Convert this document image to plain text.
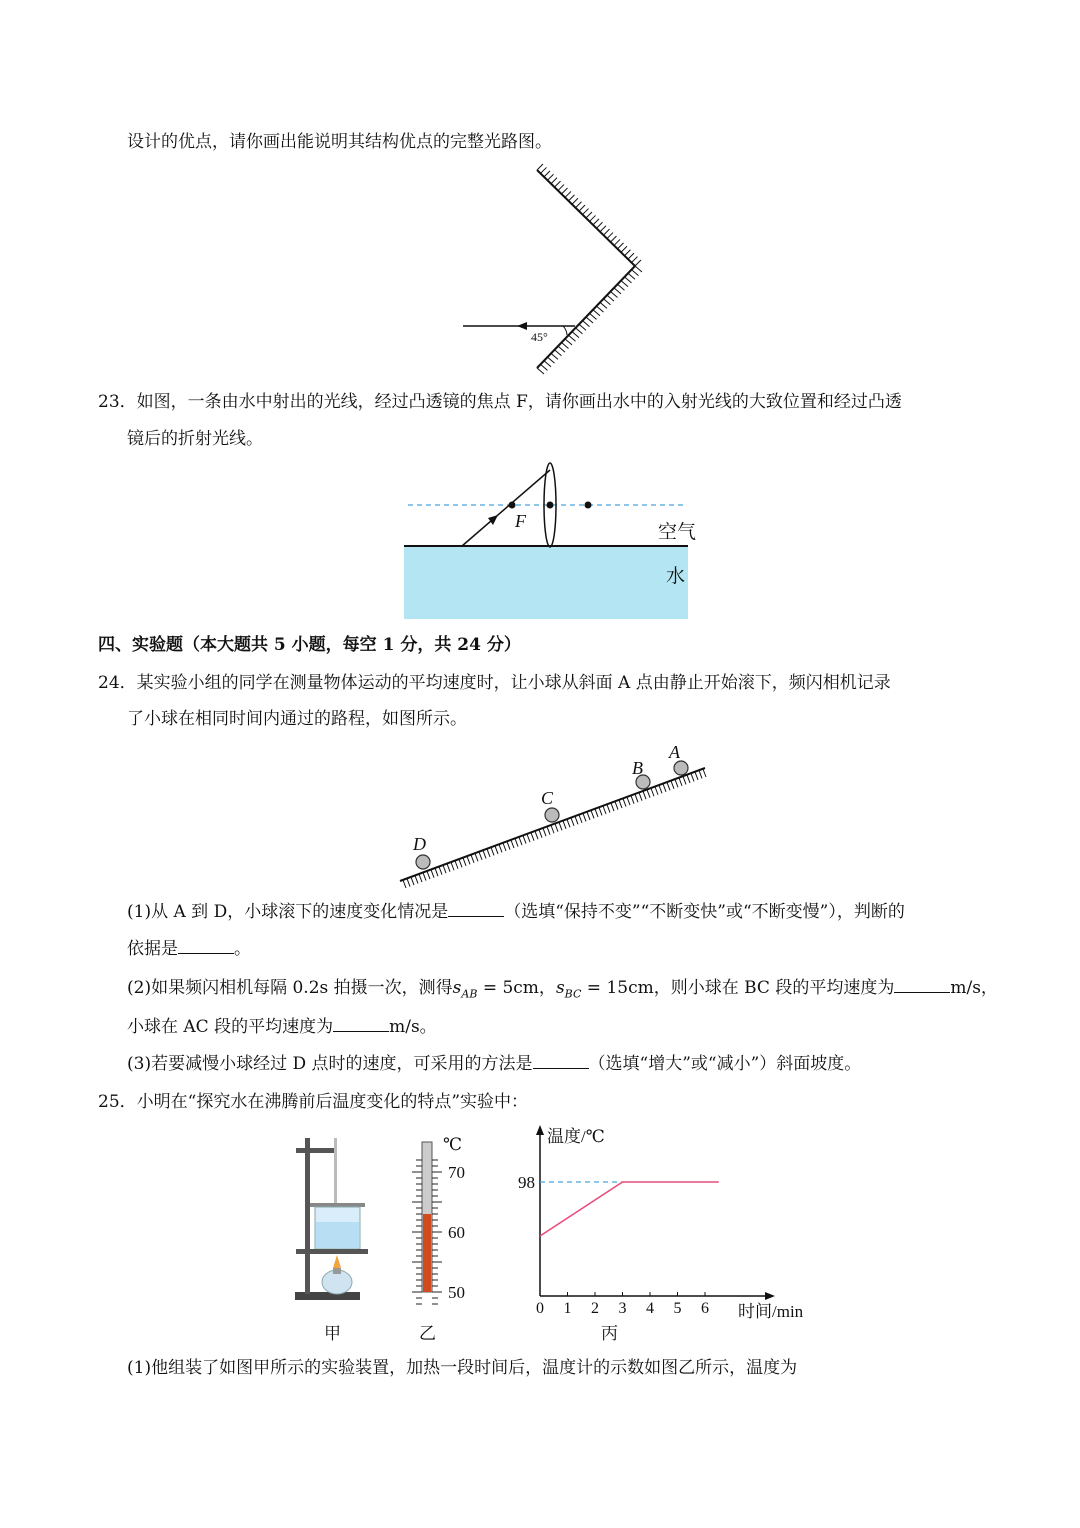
设计的优点，请你画出能说明其结构优点的完整光路图。
45°
23．如图，一条由水中射出的光线，经过凸透镜的焦点 F，请你画出水中的入射光线的大致位置和经过凸透
镜后的折射光线。
F
空气
水
四、实验题（本大题共 5 小题，每空 1 分，共 24 分）
24．某实验小组的同学在测量物体运动的平均速度时，让小球从斜面 A 点由静止开始滚下，频闪相机记录
了小球在相同时间内通过的路程，如图所示。
A
B
C
D
(1)从 A 到 D，小球滚下的速度变化情况是	（选填“保持不变”“不断变快”或“不断变慢”），判断的
依据是	。
(2)如果频闪相机每隔 0.2s 拍摄一次，测得$s_{AB} = 5cm$，$s_{BC} = 15cm$，则小球在 BC 段的平均速度为	m/s，
小球在 AC 段的平均速度为	m/s。
(3)若要减慢小球经过 D 点时的速度，可采用的方法是	（选填“增大”或“减小”）斜面坡度。
25．小明在“探究水在沸腾前后温度变化的特点”实验中：
℃
70
60
50
温度/℃
时间/min
98
0 1 2 3 4 5 6
甲	乙	丙
(1)他组装了如图甲所示的实验装置，加热一段时间后，温度计的示数如图乙所示，温度为
